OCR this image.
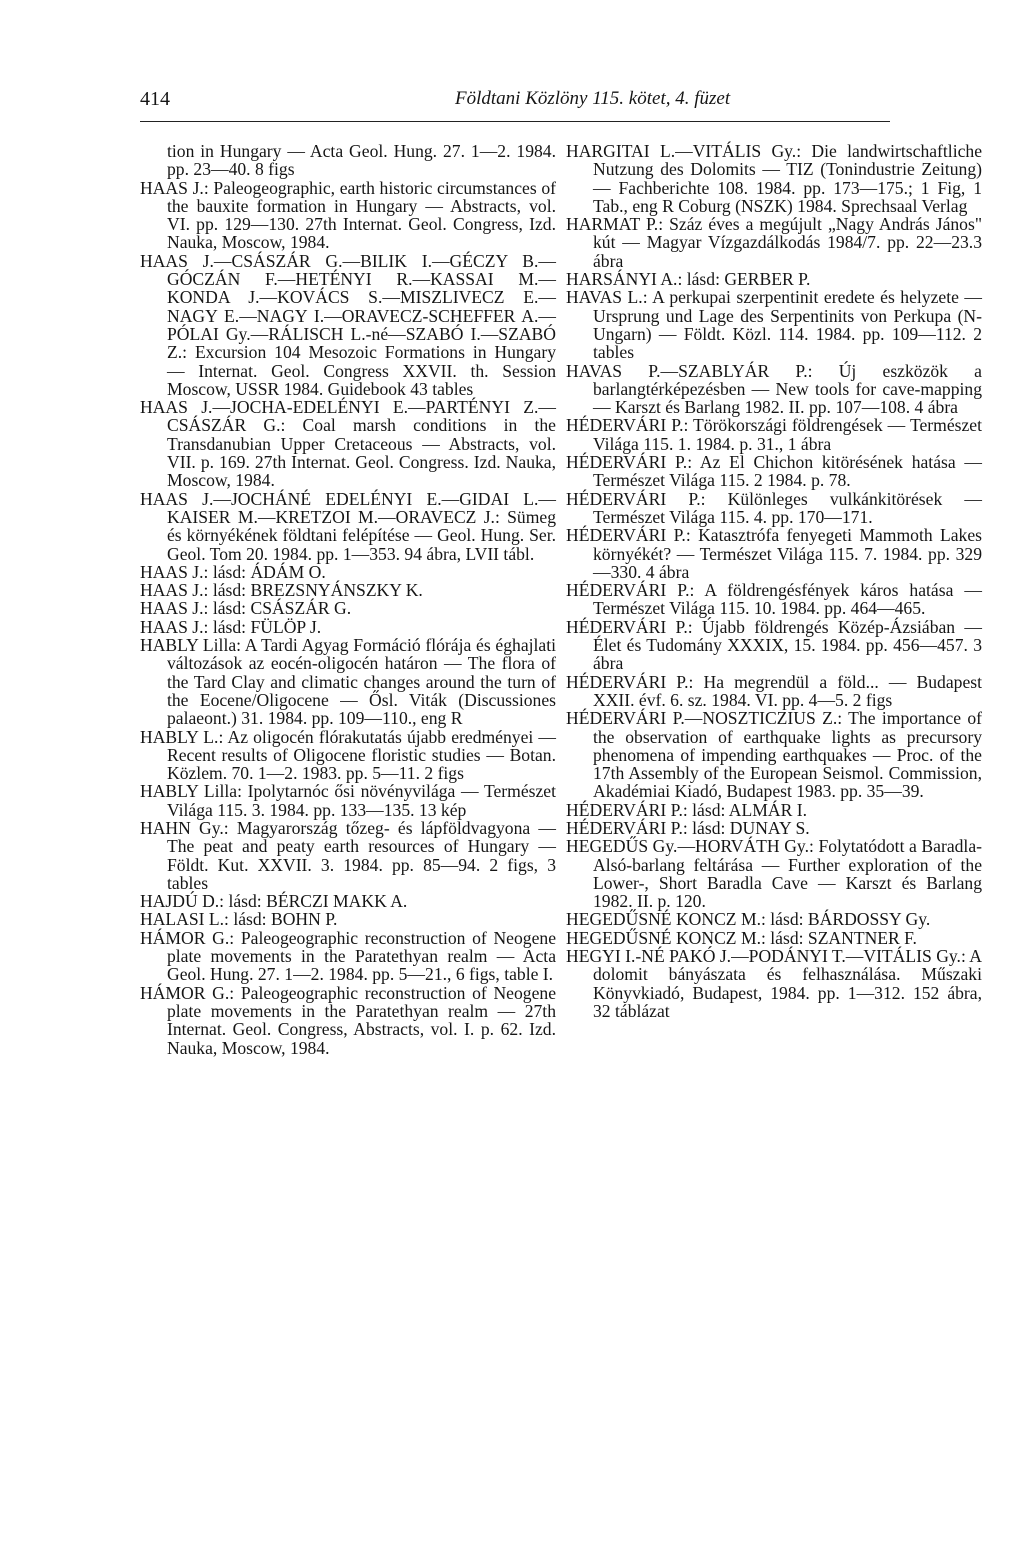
414	Földtani Közlöny 115. kötet, 4. füzet

tion in Hungary — Acta Geol. Hung. 27. 1—2. 1984. pp. 23—40. 8 figs

HAAS J.: Paleogeographic, earth historic circumstances of the bauxite formation in Hungary — Abstracts, vol. VI. pp. 129—130. 27th Internat. Geol. Congress, Izd. Nauka, Moscow, 1984.

HAAS J.—CSÁSZÁR G.—BILIK I.—GÉCZY B.—GÓCZÁN F.—HETÉNYI R.—KASSAI M.—KONDA J.—KOVÁCS S.—MISZLIVECZ E.—NAGY E.—NAGY I.—ORAVECZ-SCHEFFER A.—PÓLAI Gy.—RÁLISCH L.-né—SZABÓ I.—SZABÓ Z.: Excursion 104 Mesozoic Formations in Hungary — Internat. Geol. Congress XXVII. th. Session Moscow, USSR 1984. Guidebook 43 tables

HAAS J.—JOCHA-EDELÉNYI E.—PARTÉNYI Z.—CSÁSZÁR G.: Coal marsh conditions in the Transdanubian Upper Cretaceous — Abstracts, vol. VII. p. 169. 27th Internat. Geol. Congress. Izd. Nauka, Moscow, 1984.

HAAS J.—JOCHÁNÉ EDELÉNYI E.—GIDAI L.—KAISER M.—KRETZOI M.—ORAVECZ J.: Sümeg és környékének földtani felépítése — Geol. Hung. Ser. Geol. Tom 20. 1984. pp. 1—353. 94 ábra, LVII tábl.

HAAS J.: lásd: ÁDÁM O.

HAAS J.: lásd: BREZSNYÁNSZKY K.

HAAS J.: lásd: CSÁSZÁR G.

HAAS J.: lásd: FÜLÖP J.

HABLY Lilla: A Tardi Agyag Formáció flórája és éghajlati változások az eocén-oligocén határon — The flora of the Tard Clay and climatic changes around the turn of the Eocene/Oligocene — Ősl. Viták (Discussiones palaeont.) 31. 1984. pp. 109—110., eng R

HABLY L.: Az oligocén flórakutatás újabb eredményei — Recent results of Oligocene floristic studies — Botan. Közlem. 70. 1—2. 1983. pp. 5—11. 2 figs

HABLY Lilla: Ipolytarnóc ősi növényvilága — Természet Világa 115. 3. 1984. pp. 133—135. 13 kép

HAHN Gy.: Magyarország tőzeg- és lápföldvagyona — The peat and peaty earth resources of Hungary — Földt. Kut. XXVII. 3. 1984. pp. 85—94. 2 figs, 3 tables

HAJDÚ D.: lásd: BÉRCZI MAKK A.

HALASI L.: lásd: BOHN P.

HÁMOR G.: Paleogeographic reconstruction of Neogene plate movements in the Paratethyan realm — Acta Geol. Hung. 27. 1—2. 1984. pp. 5—21., 6 figs, table I.

HÁMOR G.: Paleogeographic reconstruction of Neogene plate movements in the Paratethyan realm — 27th Internat. Geol. Congress, Abstracts, vol. I. p. 62. Izd. Nauka, Moscow, 1984.

HARGITAI L.—VITÁLIS Gy.: Die landwirtschaftliche Nutzung des Dolomits — TIZ (Tonindustrie Zeitung) — Fachberichte 108. 1984. pp. 173—175.; 1 Fig, 1 Tab., eng R Coburg (NSZK) 1984. Sprechsaal Verlag

HARMAT P.: Száz éves a megújult „Nagy András János" kút — Magyar Vízgazdálkodás 1984/7. pp. 22—23.3 ábra

HARSÁNYI A.: lásd: GERBER P.

HAVAS L.: A perkupai szerpentinit eredete és helyzete — Ursprung und Lage des Serpentinits von Perkupa (N-Ungarn) — Földt. Közl. 114. 1984. pp. 109—112. 2 tables

HAVAS P.—SZABLYÁR P.: Új eszközök a barlangtérképezésben — New tools for cave-mapping — Karszt és Barlang 1982. II. pp. 107—108. 4 ábra

HÉDERVÁRI P.: Törökországi földrengések — Természet Világa 115. 1. 1984. p. 31., 1 ábra

HÉDERVÁRI P.: Az El Chichon kitörésének hatása — Természet Világa 115. 2 1984. p. 78.

HÉDERVÁRI P.: Különleges vulkánkitörések — Természet Világa 115. 4. pp. 170—171.

HÉDERVÁRI P.: Katasztrófa fenyegeti Mammoth Lakes környékét? — Természet Világa 115. 7. 1984. pp. 329—330. 4 ábra

HÉDERVÁRI P.: A földrengésfények káros hatása — Természet Világa 115. 10. 1984. pp. 464—465.

HÉDERVÁRI P.: Újabb földrengés Közép-Ázsiában — Élet és Tudomány XXXIX, 15. 1984. pp. 456—457. 3 ábra

HÉDERVÁRI P.: Ha megrendül a föld... — Budapest XXII. évf. 6. sz. 1984. VI. pp. 4—5. 2 figs

HÉDERVÁRI P.—NOSZTICZIUS Z.: The importance of the observation of earthquake lights as precursory phenomena of impending earthquakes — Proc. of the 17th Assembly of the European Seismol. Commission, Akadémiai Kiadó, Budapest 1983. pp. 35—39.

HÉDERVÁRI P.: lásd: ALMÁR I.

HÉDERVÁRI P.: lásd: DUNAY S.

HEGEDŰS Gy.—HORVÁTH Gy.: Folytatódott a Baradla-Alsó-barlang feltárása — Further exploration of the Lower-, Short Baradla Cave — Karszt és Barlang 1982. II. p. 120.

HEGEDŰSNÉ KONCZ M.: lásd: BÁRDOSSY Gy.

HEGEDŰSNÉ KONCZ M.: lásd: SZANTNER F.

HEGYI I.-NÉ PAKÓ J.—PODÁNYI T.—VITÁLIS Gy.: A dolomit bányászata és felhasználása. Műszaki Könyvkiadó, Budapest, 1984. pp. 1—312. 152 ábra, 32 táblázat
